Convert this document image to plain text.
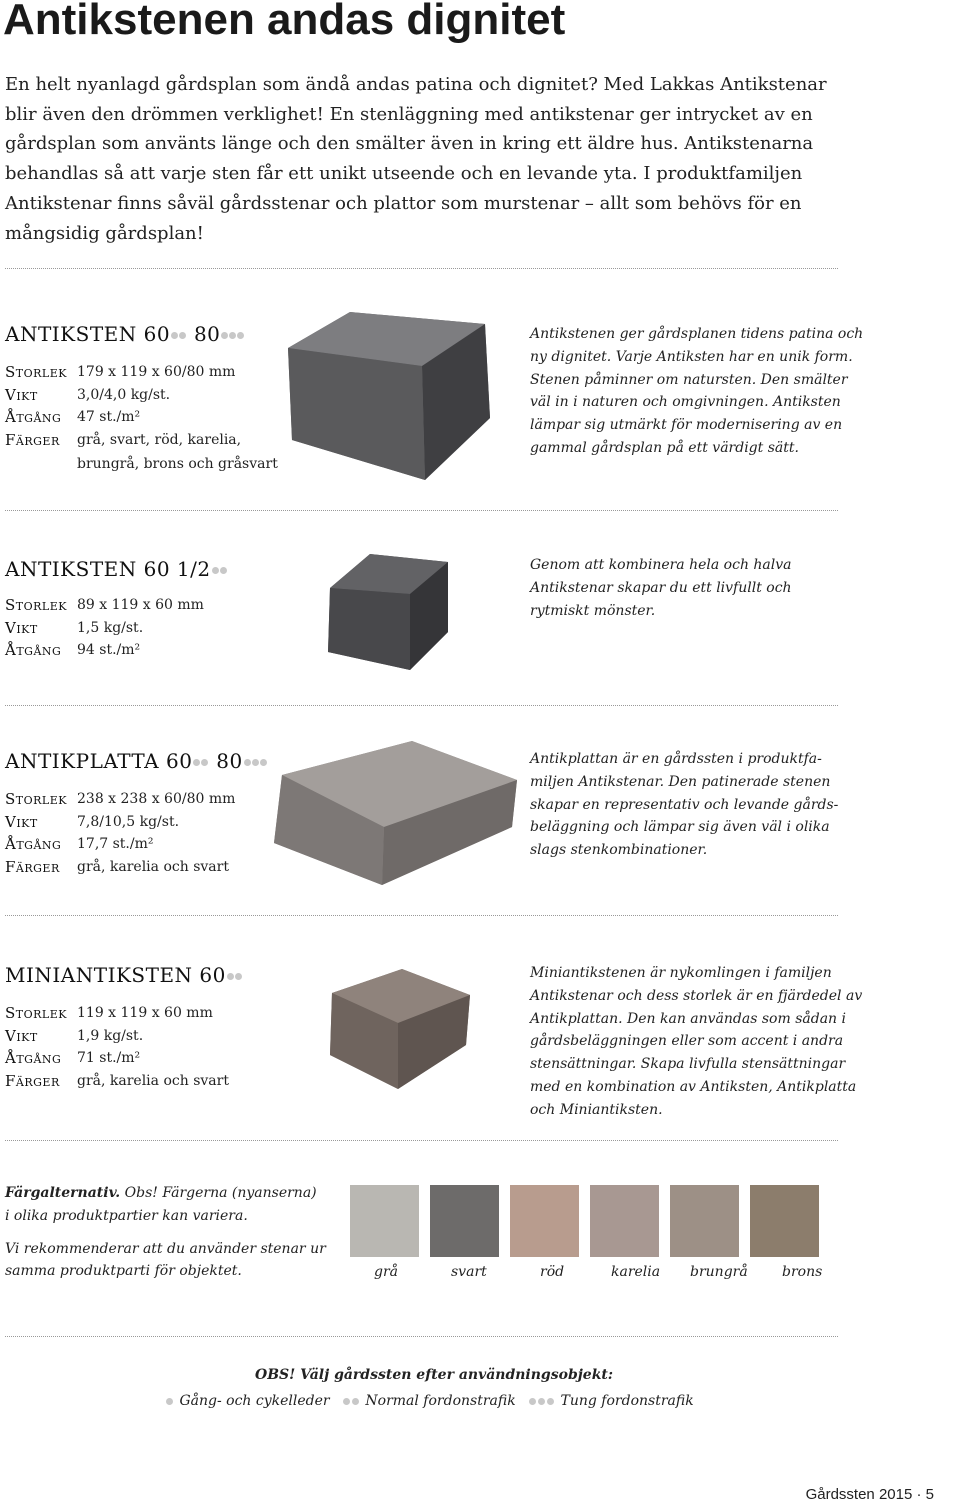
Antikstenen andas dignitet
En helt nyanlagd gårdsplan som ändå andas patina och dignitet? Med Lakkas Antikstenar
blir även den drömmen verklighet! En stenläggning med antikstenar ger intrycket av en
gårdsplan som använts länge och den smälter även in kring ett äldre hus. Antikstenarna
behandlas så att varje sten får ett unikt utseende och en levande yta. I produktfamiljen
Antikstenar finns såväl gårdsstenar och plattor som murstenar – allt som behövs för en
mångsidig gårdsplan!
ANTIKSTEN 60 80
Storlek 179 x 119 x 60/80 mm
Vikt	3,0/4,0 kg/st.
Åtgång 47 st./m²
Färger grå, svart, röd, karelia,
brungrå, brons och gråsvart
Antikstenen ger gårdsplanen tidens patina och
ny dignitet. Varje Antiksten har en unik form.
Stenen påminner om natursten. Den smälter
väl in i naturen och omgivningen. Antiksten
lämpar sig utmärkt för modernisering av en
gammal gårdsplan på ett värdigt sätt.
ANTIKSTEN 60 1/2
Storlek 89 x 119 x 60 mm
Vikt	1,5 kg/st.
Åtgång 94 st./m²
Genom att kombinera hela och halva
Antikstenar skapar du ett livfullt och
rytmiskt mönster.
ANTIKPLATTA 60 80
Storlek 238 x 238 x 60/80 mm
Vikt	7,8/10,5 kg/st.
Åtgång 17,7 st./m²
Färger grå, karelia och svart
Antikplattan är en gårdssten i produktfa-
miljen Antikstenar. Den patinerade stenen
skapar en representativ och levande gårds-
beläggning och lämpar sig även väl i olika
slags stenkombinationer.
MINIANTIKSTEN 60
Storlek 119 x 119 x 60 mm
Vikt	1,9 kg/st.
Åtgång 71 st./m²
Färger grå, karelia och svart
Miniantikstenen är nykomlingen i familjen
Antikstenar och dess storlek är en fjärdedel av
Antikplattan. Den kan användas som sådan i
gårdsbeläggningen eller som accent i andra
stensättningar. Skapa livfulla stensättningar
med en kombination av Antiksten, Antikplatta
och Miniantiksten.
Färgalternativ. Obs! Färgerna (nyanserna)
i olika produktpartier kan variera.
Vi rekommenderar att du använder stenar ur
samma produktparti för objektet.	grå	svart	röd	karelia brungrå brons
OBS! Välj gårdssten efter användningsobjekt:
Gång- och cykelleder	Normal fordonstrafik	Tung fordonstrafik
Gårdssten 2015 · 5
